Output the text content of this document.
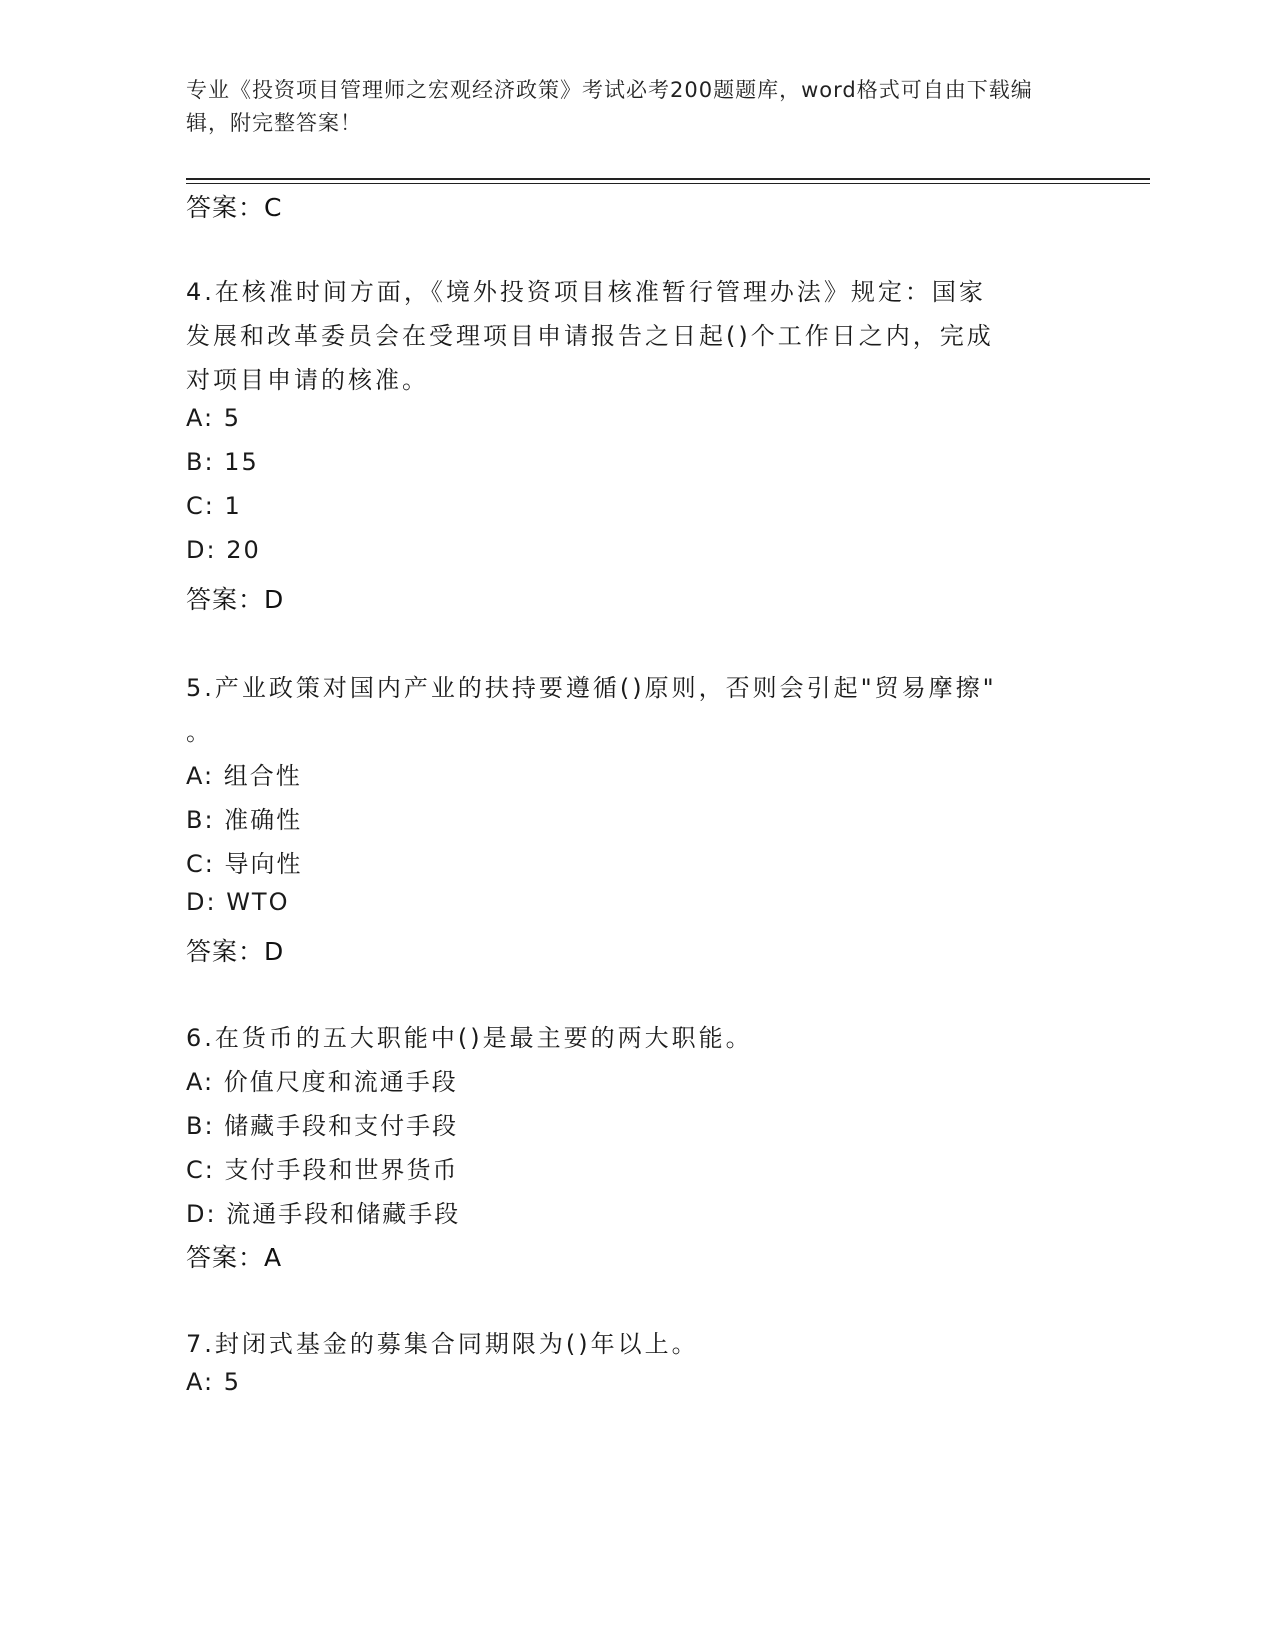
专业《投资项目管理师之宏观经济政策》考试必考200题题库，word格式可自由下载编辑，附完整答案！
答案：C
4.在核准时间方面，《境外投资项目核准暂行管理办法》规定：国家
发展和改革委员会在受理项目申请报告之日起()个工作日之内，完成
对项目申请的核准。
A: 5
B: 15
C: 1
D: 20
答案：D
5.产业政策对国内产业的扶持要遵循()原则，否则会引起"贸易摩擦"
。
A: 组合性
B: 准确性
C: 导向性
D: WTO
答案：D
6.在货币的五大职能中()是最主要的两大职能。
A: 价值尺度和流通手段
B: 储藏手段和支付手段
C: 支付手段和世界货币
D: 流通手段和储藏手段
答案：A
7.封闭式基金的募集合同期限为()年以上。
A: 5
